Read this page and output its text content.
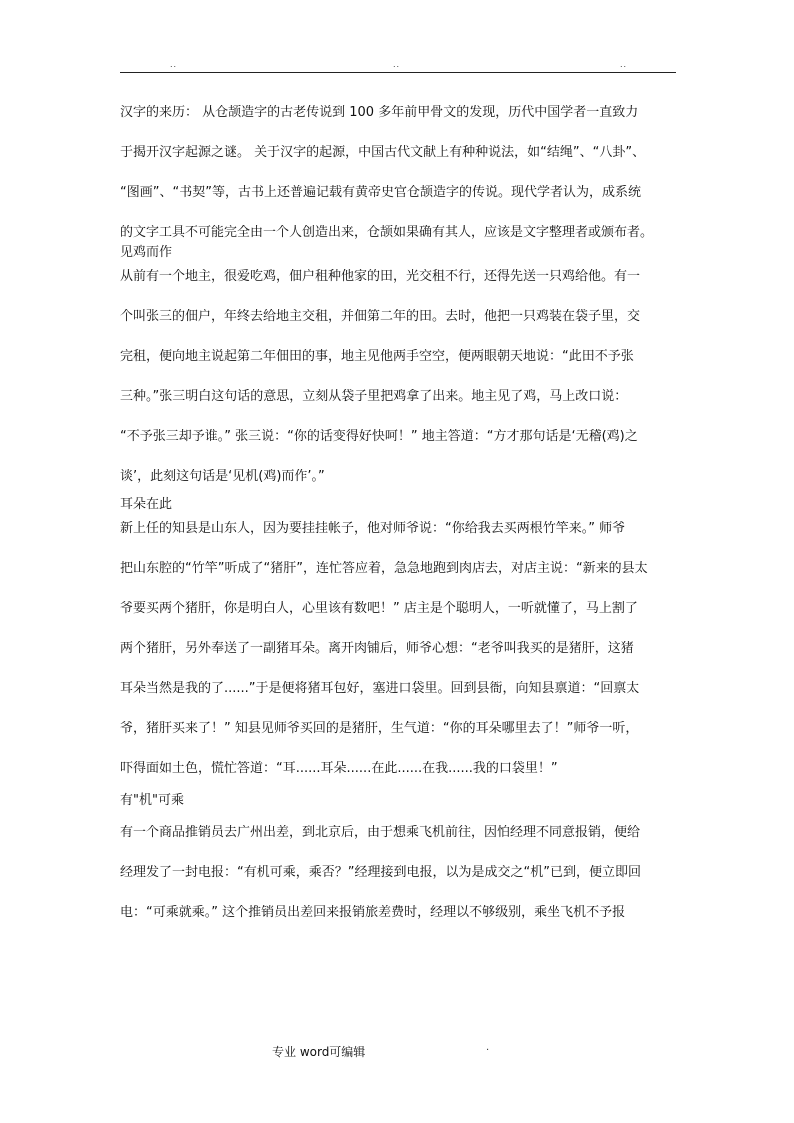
..	..	..
汉字的来历： 从仓颉造字的古老传说到 100 多年前甲骨文的发现，历代中国学者一直致力
于揭开汉字起源之谜。 关于汉字的起源，中国古代文献上有种种说法，如“结绳”、“八卦”、
“图画”、“书契”等，古书上还普遍记载有黄帝史官仓颉造字的传说。现代学者认为，成系统
的文字工具不可能完全由一个人创造出来，仓颉如果确有其人，应该是文字整理者或颁布者。
见鸡而作
从前有一个地主，很爱吃鸡，佃户租种他家的田，光交租不行，还得先送一只鸡给他。有一
个叫张三的佃户，年终去给地主交租，并佃第二年的田。去时，他把一只鸡装在袋子里，交
完租，便向地主说起第二年佃田的事，地主见他两手空空，便两眼朝天地说：“此田不予张
三种。”张三明白这句话的意思，立刻从袋子里把鸡拿了出来。地主见了鸡，马上改口说：
“不予张三却予谁。” 张三说：“你的话变得好快呵！” 地主答道：“方才那句话是‘无稽(鸡)之
谈’，此刻这句话是‘见机(鸡)而作’。”
耳朵在此
新上任的知县是山东人，因为要挂挂帐子，他对师爷说：“你给我去买两根竹竿来。” 师爷
把山东腔的“竹竿”听成了“猪肝”，连忙答应着，急急地跑到肉店去，对店主说：“新来的县太
爷要买两个猪肝，你是明白人，心里该有数吧！” 店主是个聪明人，一听就懂了，马上割了
两个猪肝，另外奉送了一副猪耳朵。离开肉铺后，师爷心想：“老爷叫我买的是猪肝，这猪
耳朵当然是我的了......”于是便将猪耳包好，塞进口袋里。回到县衙，向知县禀道：“回禀太
爷，猪肝买来了！” 知县见师爷买回的是猪肝，生气道：“你的耳朵哪里去了！”师爷一听，
吓得面如土色，慌忙答道：“耳......耳朵......在此......在我......我的口袋里！”
有"机"可乘
有一个商品推销员去广州出差，到北京后，由于想乘飞机前往，因怕经理不同意报销，便给
经理发了一封电报：“有机可乘，乘否？”经理接到电报，以为是成交之“机”已到，便立即回
电：“可乘就乘。” 这个推销员出差回来报销旅差费时，经理以不够级别，乘坐飞机不予报
专业 word可编辑	.
